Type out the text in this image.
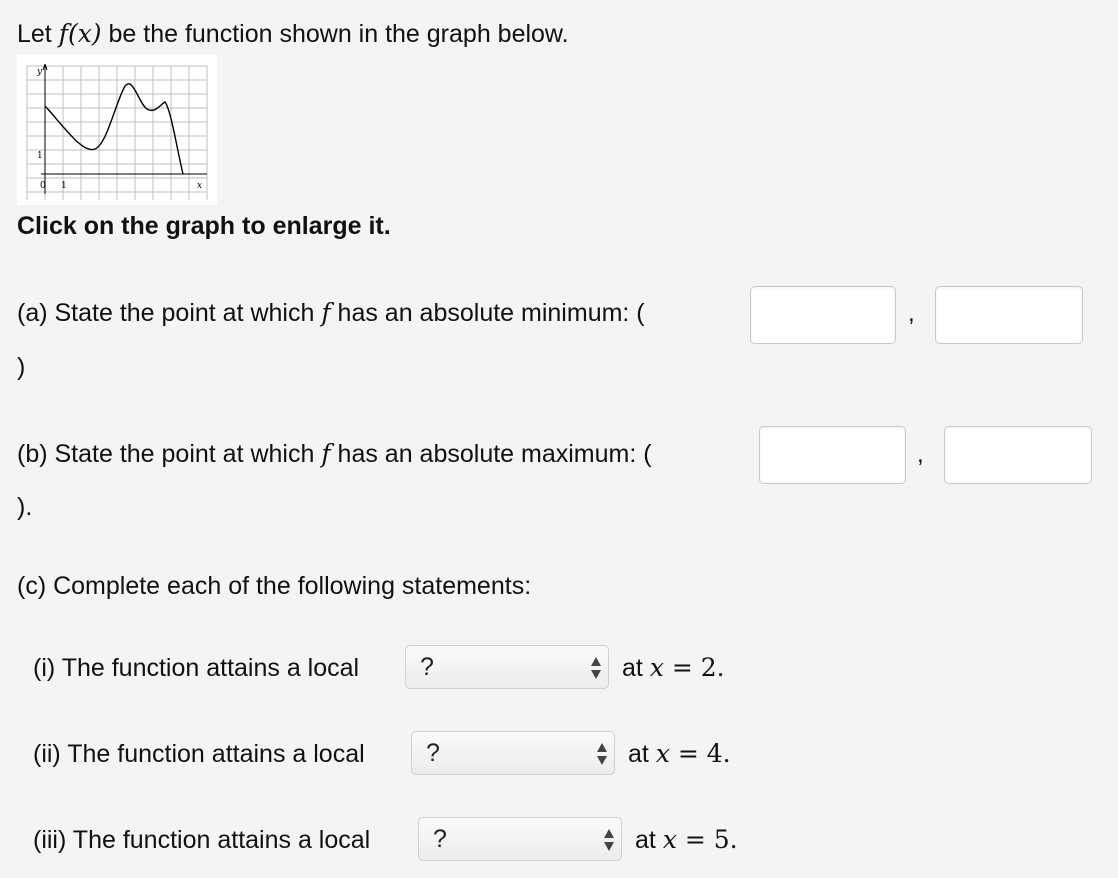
Let f(x) be the function shown in the graph below.
y
x
0 1
1
Click on the graph to enlarge it.
(a) State the point at which f has an absolute minimum: (	,
)
(b) State the point at which f has an absolute maximum: (	,
).
(c) Complete each of the following statements:
(i) The function attains a local ?	at x = 2.
(ii) The function attains a local ?	at x = 4.
(iii) The function attains a local	?	at x = 5.
